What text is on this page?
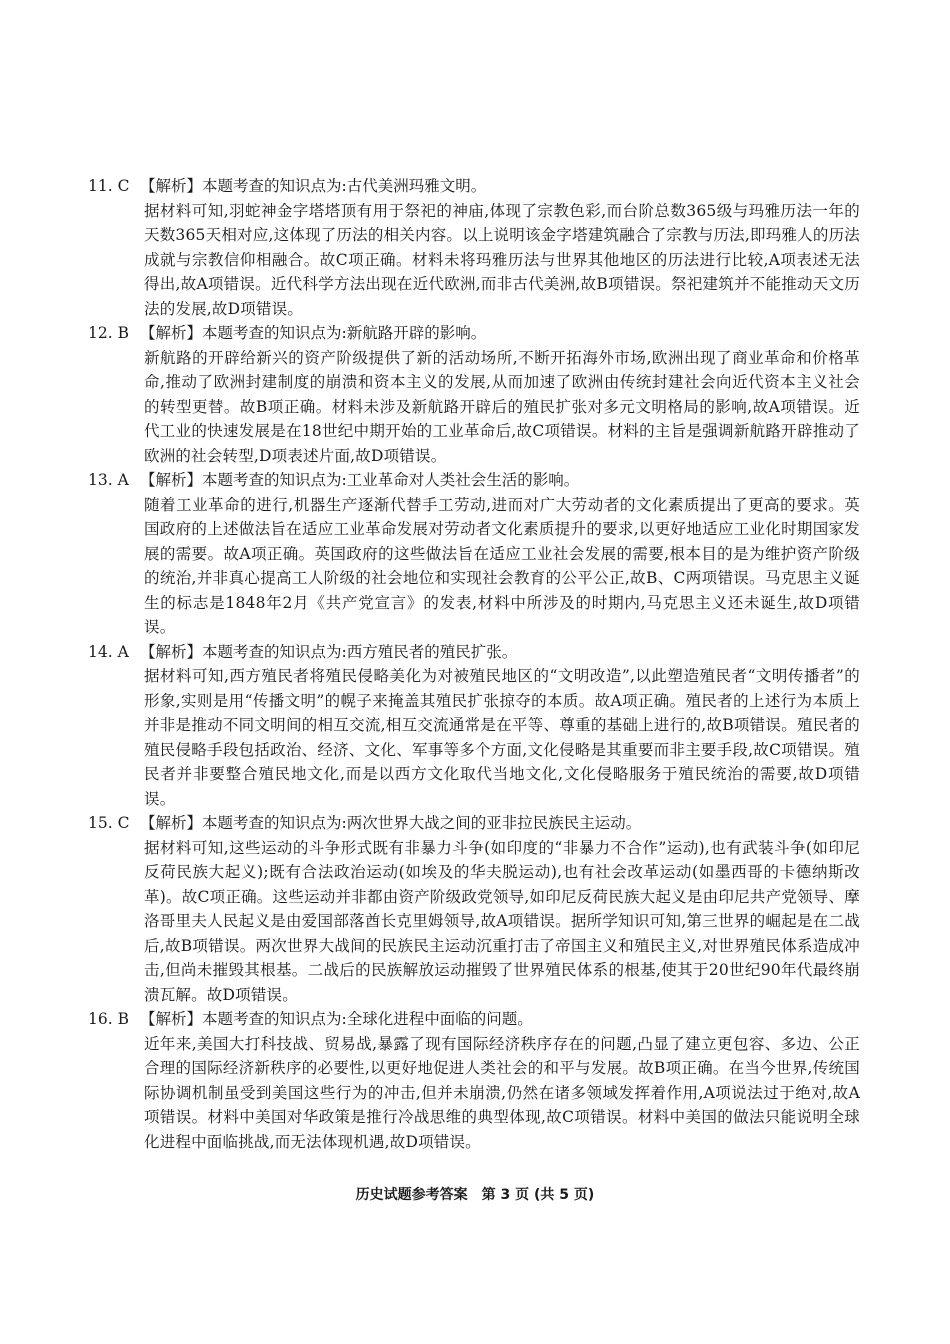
11. C 【解析】 本题考查的知识点为:古代美洲玛雅文明。
据材料可知,羽蛇神金字塔塔顶有用于祭祀的神庙,体现了宗教色彩,而台阶总数365级与玛雅历法一年的天数365天相对应,这体现了历法的相关内容。以上说明该金字塔建筑融合了宗教与历法,即玛雅人的历法成就与宗教信仰相融合。故C项正确。材料未将玛雅历法与世界其他地区的历法进行比较,A项表述无法得出,故A项错误。近代科学方法出现在近代欧洲,而非古代美洲,故B项错误。祭祀建筑并不能推动天文历法的发展,故D项错误。
12. B 【解析】 本题考查的知识点为:新航路开辟的影响。
新航路的开辟给新兴的资产阶级提供了新的活动场所,不断开拓海外市场,欧洲出现了商业革命和价格革命,推动了欧洲封建制度的崩溃和资本主义的发展,从而加速了欧洲由传统封建社会向近代资本主义社会的转型更替。故B项正确。材料未涉及新航路开辟后的殖民扩张对多元文明格局的影响,故A项错误。近代工业的快速发展是在18世纪中期开始的工业革命后,故C项错误。材料的主旨是强调新航路开辟推动了欧洲的社会转型,D项表述片面,故D项错误。
13. A 【解析】 本题考查的知识点为:工业革命对人类社会生活的影响。
随着工业革命的进行,机器生产逐渐代替手工劳动,进而对广大劳动者的文化素质提出了更高的要求。英国政府的上述做法旨在适应工业革命发展对劳动者文化素质提升的要求,以更好地适应工业化时期国家发展的需要。故A项正确。英国政府的这些做法旨在适应工业社会发展的需要,根本目的是为维护资产阶级的统治,并非真心提高工人阶级的社会地位和实现社会教育的公平公正,故B、C两项错误。马克思主义诞生的标志是1848年2月《共产党宣言》的发表,材料中所涉及的时期内,马克思主义还未诞生,故D项错误。
14. A 【解析】 本题考查的知识点为:西方殖民者的殖民扩张。
据材料可知,西方殖民者将殖民侵略美化为对被殖民地区的“文明改造”,以此塑造殖民者“文明传播者”的形象,实则是用“传播文明”的幌子来掩盖其殖民扩张掠夺的本质。故A项正确。殖民者的上述行为本质上并非是推动不同文明间的相互交流,相互交流通常是在平等、尊重的基础上进行的,故B项错误。殖民者的殖民侵略手段包括政治、经济、文化、军事等多个方面,文化侵略是其重要而非主要手段,故C项错误。殖民者并非要整合殖民地文化,而是以西方文化取代当地文化,文化侵略服务于殖民统治的需要,故D项错误。
15. C 【解析】 本题考查的知识点为:两次世界大战之间的亚非拉民族民主运动。
据材料可知,这些运动的斗争形式既有非暴力斗争(如印度的“非暴力不合作”运动),也有武装斗争(如印尼反荷民族大起义);既有合法政治运动(如埃及的华夫脱运动),也有社会改革运动(如墨西哥的卡德纳斯改革)。故C项正确。这些运动并非都由资产阶级政党领导,如印尼反荷民族大起义是由印尼共产党领导、摩洛哥里夫人民起义是由爱国部落酋长克里姆领导,故A项错误。据所学知识可知,第三世界的崛起是在二战后,故B项错误。两次世界大战间的民族民主运动沉重打击了帝国主义和殖民主义,对世界殖民体系造成冲击,但尚未摧毁其根基。二战后的民族解放运动摧毁了世界殖民体系的根基,使其于20世纪90年代最终崩溃瓦解。故D项错误。
16. B 【解析】 本题考查的知识点为:全球化进程中面临的问题。
近年来,美国大打科技战、贸易战,暴露了现有国际经济秩序存在的问题,凸显了建立更包容、多边、公正合理的国际经济新秩序的必要性,以更好地促进人类社会的和平与发展。故B项正确。在当今世界,传统国际协调机制虽受到美国这些行为的冲击,但并未崩溃,仍然在诸多领域发挥着作用,A项说法过于绝对,故A项错误。材料中美国对华政策是推行冷战思维的典型体现,故C项错误。材料中美国的做法只能说明全球化进程中面临挑战,而无法体现机遇,故D项错误。
历史试题参考答案　第 3 页 (共 5 页)
